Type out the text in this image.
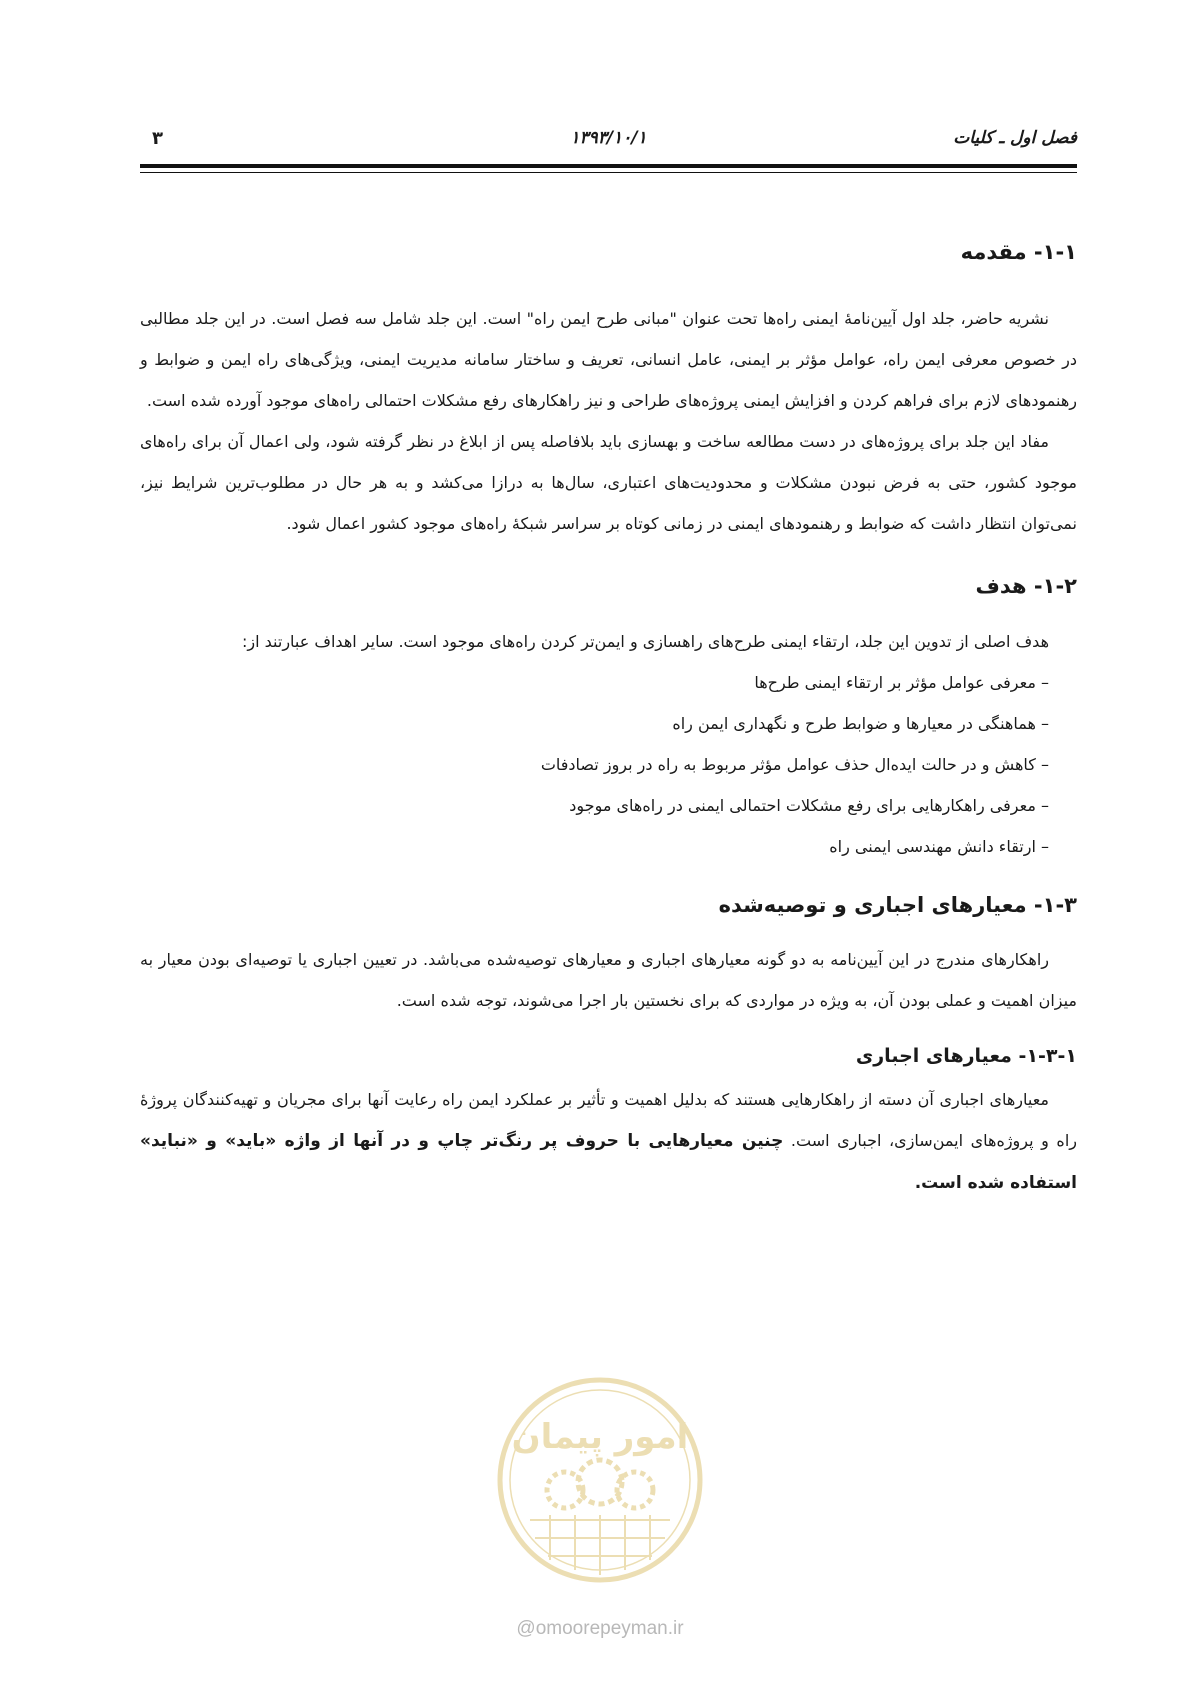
فصل اول ـ کلیات
۱۳۹۳/۱۰/۱
۳
۱-۱- مقدمه

نشریه حاضر، جلد اول آیین‌نامهٔ ایمنی راه‌ها تحت عنوان "مبانی طرح ایمن راه" است. این جلد شامل سه فصل است. در این جلد مطالبی در خصوص معرفی ایمن راه، عوامل مؤثر بر ایمنی، عامل انسانی، تعریف و ساختار سامانه مدیریت ایمنی، ویژگی‌های راه ایمن و ضوابط و رهنمودهای لازم برای فراهم کردن و افزایش ایمنی پروژه‌های طراحی و نیز راهکارهای رفع مشکلات احتمالی راه‌های موجود آورده شده است.

مفاد این جلد برای پروژه‌های در دست مطالعه ساخت و بهسازی باید بلافاصله پس از ابلاغ در نظر گرفته شود، ولی اعمال آن برای راه‌های موجود کشور، حتی به فرض نبودن مشکلات و محدودیت‌های اعتباری، سال‌ها به درازا می‌کشد و به هر حال در مطلوب‌ترین شرایط نیز، نمی‌توان انتظار داشت که ضوابط و رهنمودهای ایمنی در زمانی کوتاه بر سراسر شبکهٔ راه‌های موجود کشور اعمال شود.

۱-۲- هدف
هدف اصلی از تدوین این جلد، ارتقاء ایمنی طرح‌های راهسازی و ایمن‌تر کردن راه‌های موجود است. سایر اهداف عبارتند از:
– معرفی عوامل مؤثر بر ارتقاء ایمنی طرح‌ها
– هماهنگی در معیارها و ضوابط طرح و نگهداری ایمن راه
– کاهش و در حالت ایده‌ال حذف عوامل مؤثر مربوط به راه در بروز تصادفات
– معرفی راهکارهایی برای رفع مشکلات احتمالی ایمنی در راه‌های موجود
– ارتقاء دانش مهندسی ایمنی راه
۱-۳- معیارهای اجباری و توصیه‌شده

راهکارهای مندرج در این آیین‌نامه به دو گونه معیارهای اجباری و معیارهای توصیه‌شده می‌باشد. در تعیین اجباری یا توصیه‌ای بودن معیار به میزان اهمیت و عملی بودن آن، به ویژه در مواردی که برای نخستین بار اجرا می‌شوند، توجه شده است.

۱-۳-۱- معیارهای اجباری

معیارهای اجباری آن دسته از راهکارهایی هستند که بدلیل اهمیت و تأثیر بر عملکرد ایمن راه رعایت آنها برای مجریان و تهیه‌کنندگان پروژهٔ راه و پروژه‌های ایمن‌سازی، اجباری است. چنین معیارهایی با حروف پر رنگ‌تر چاپ و در آنها از واژه «باید» و «نباید» استفاده شده است.

امور پیمان
@omoorepeyman.ir
